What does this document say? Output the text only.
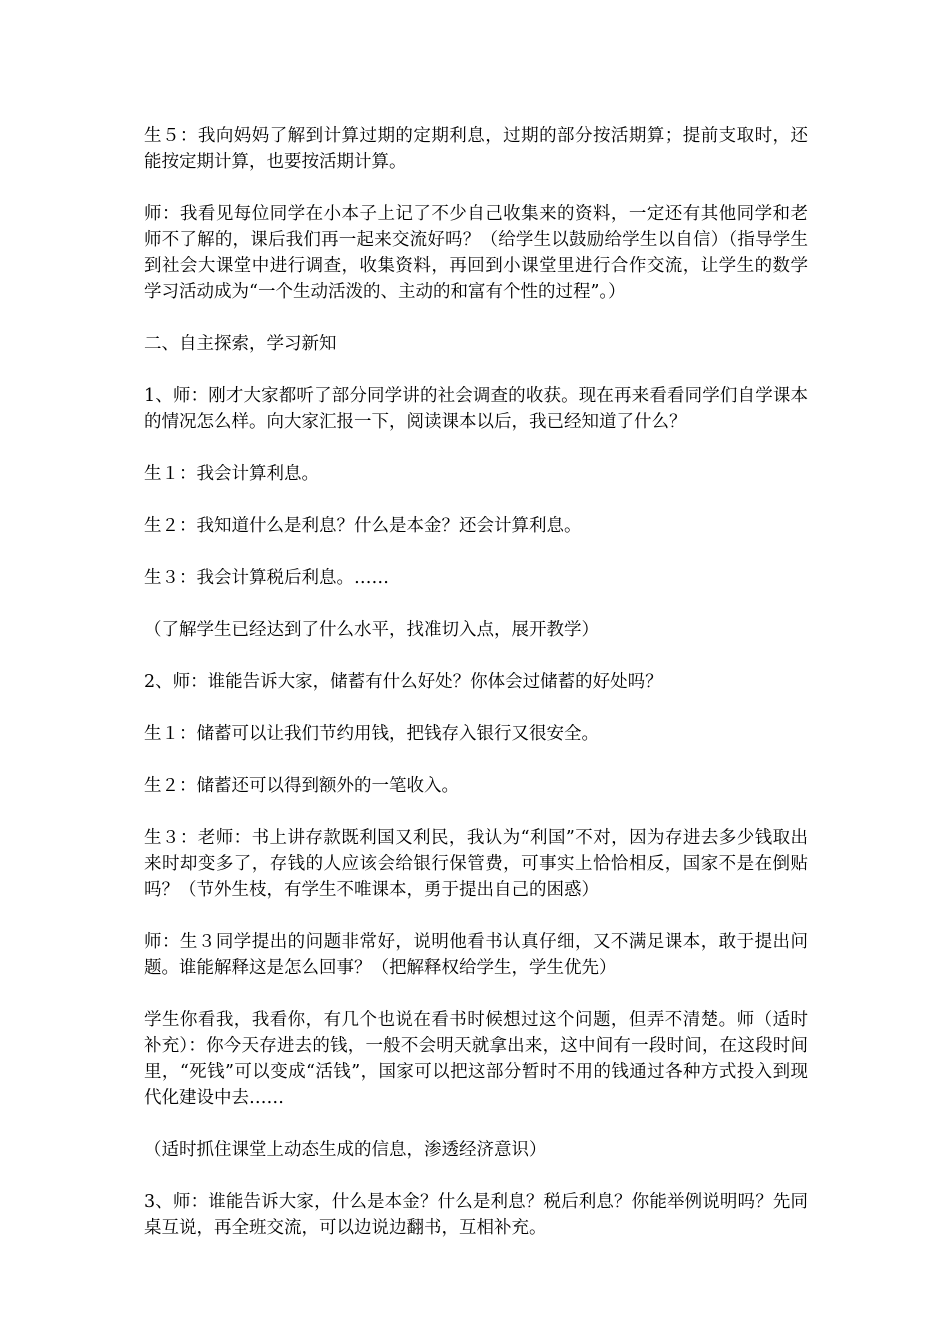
生５：我向妈妈了解到计算过期的定期利息，过期的部分按活期算；提前支取时，还能按定期计算，也要按活期计算。

师：我看见每位同学在小本子上记了不少自己收集来的资料，一定还有其他同学和老师不了解的，课后我们再一起来交流好吗？（给学生以鼓励给学生以自信）（指导学生到社会大课堂中进行调查，收集资料，再回到小课堂里进行合作交流，让学生的数学学习活动成为“一个生动活泼的、主动的和富有个性的过程”。）

二、自主探索，学习新知

1、师：刚才大家都听了部分同学讲的社会调查的收获。现在再来看看同学们自学课本的情况怎么样。向大家汇报一下，阅读课本以后，我已经知道了什么？

生１：我会计算利息。

生２：我知道什么是利息？什么是本金？还会计算利息。

生３：我会计算税后利息。……

（了解学生已经达到了什么水平，找准切入点，展开教学）

2、师：谁能告诉大家，储蓄有什么好处？你体会过储蓄的好处吗？

生１：储蓄可以让我们节约用钱，把钱存入银行又很安全。

生２：储蓄还可以得到额外的一笔收入。

生３：老师：书上讲存款既利国又利民，我认为“利国”不对，因为存进去多少钱取出来时却变多了，存钱的人应该会给银行保管费，可事实上恰恰相反，国家不是在倒贴吗？（节外生枝，有学生不唯课本，勇于提出自己的困惑）

师：生３同学提出的问题非常好，说明他看书认真仔细，又不满足课本，敢于提出问题。谁能解释这是怎么回事？（把解释权给学生，学生优先）

学生你看我，我看你，有几个也说在看书时候想过这个问题，但弄不清楚。师（适时补充）：你今天存进去的钱，一般不会明天就拿出来，这中间有一段时间，在这段时间里，“死钱”可以变成“活钱”，国家可以把这部分暂时不用的钱通过各种方式投入到现代化建设中去……

（适时抓住课堂上动态生成的信息，渗透经济意识）

3、师：谁能告诉大家，什么是本金？什么是利息？税后利息？你能举例说明吗？先同桌互说，再全班交流，可以边说边翻书，互相补充。
